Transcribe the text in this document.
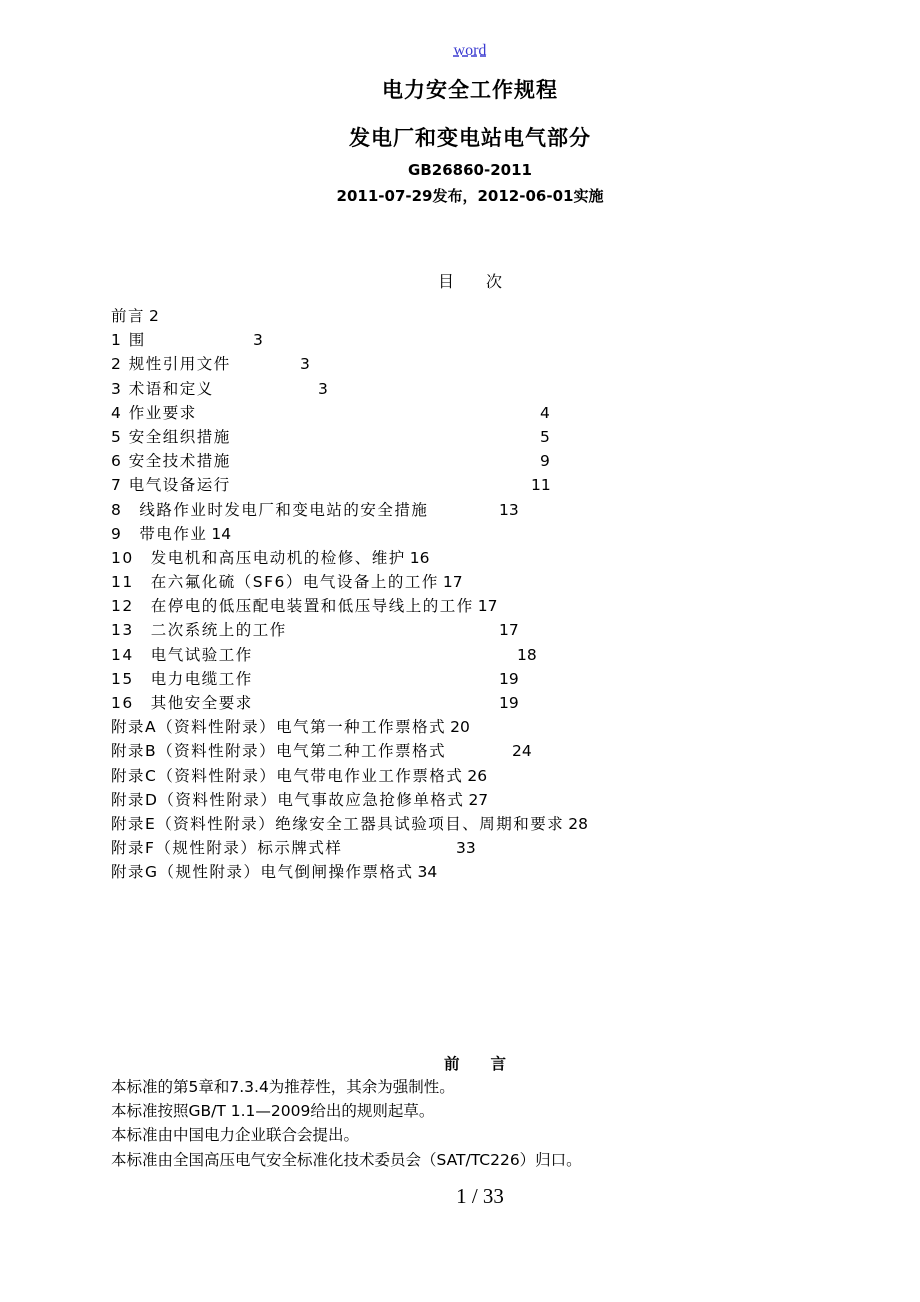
word
电力安全工作规程
发电厂和变电站电气部分
GB26860-2011
2011-07-29发布，2012-06-01实施
目　　次
前言 2
1 围	3
2 规性引用文件	3
3 术语和定义	3
4 作业要求	4
5 安全组织措施	5
6 安全技术措施	9
7 电气设备运行	11
8　线路作业时发电厂和变电站的安全措施	13
9　带电作业 14
10　发电机和高压电动机的检修、维护 16
11　在六氟化硫（SF6）电气设备上的工作 17
12　在停电的低压配电装置和低压导线上的工作 17
13　二次系统上的工作	17
14　电气试验工作	18
15　电力电缆工作	19
16　其他安全要求	19
附录A（资料性附录）电气第一种工作票格式 20
附录B（资料性附录）电气第二种工作票格式	24
附录C（资料性附录）电气带电作业工作票格式 26
附录D（资料性附录）电气事故应急抢修单格式 27
附录E（资料性附录）绝缘安全工器具试验项目、周期和要求 28
附录F（规性附录）标示牌式样	33
附录G（规性附录）电气倒闸操作票格式 34
前　　言
本标准的第5章和7.3.4为推荐性，其余为强制性。
本标准按照GB/T 1.1—2009给出的规则起草。
本标准由中国电力企业联合会提出。
本标准由全国高压电气安全标准化技术委员会（SAT/TC226）归口。
1 / 33
